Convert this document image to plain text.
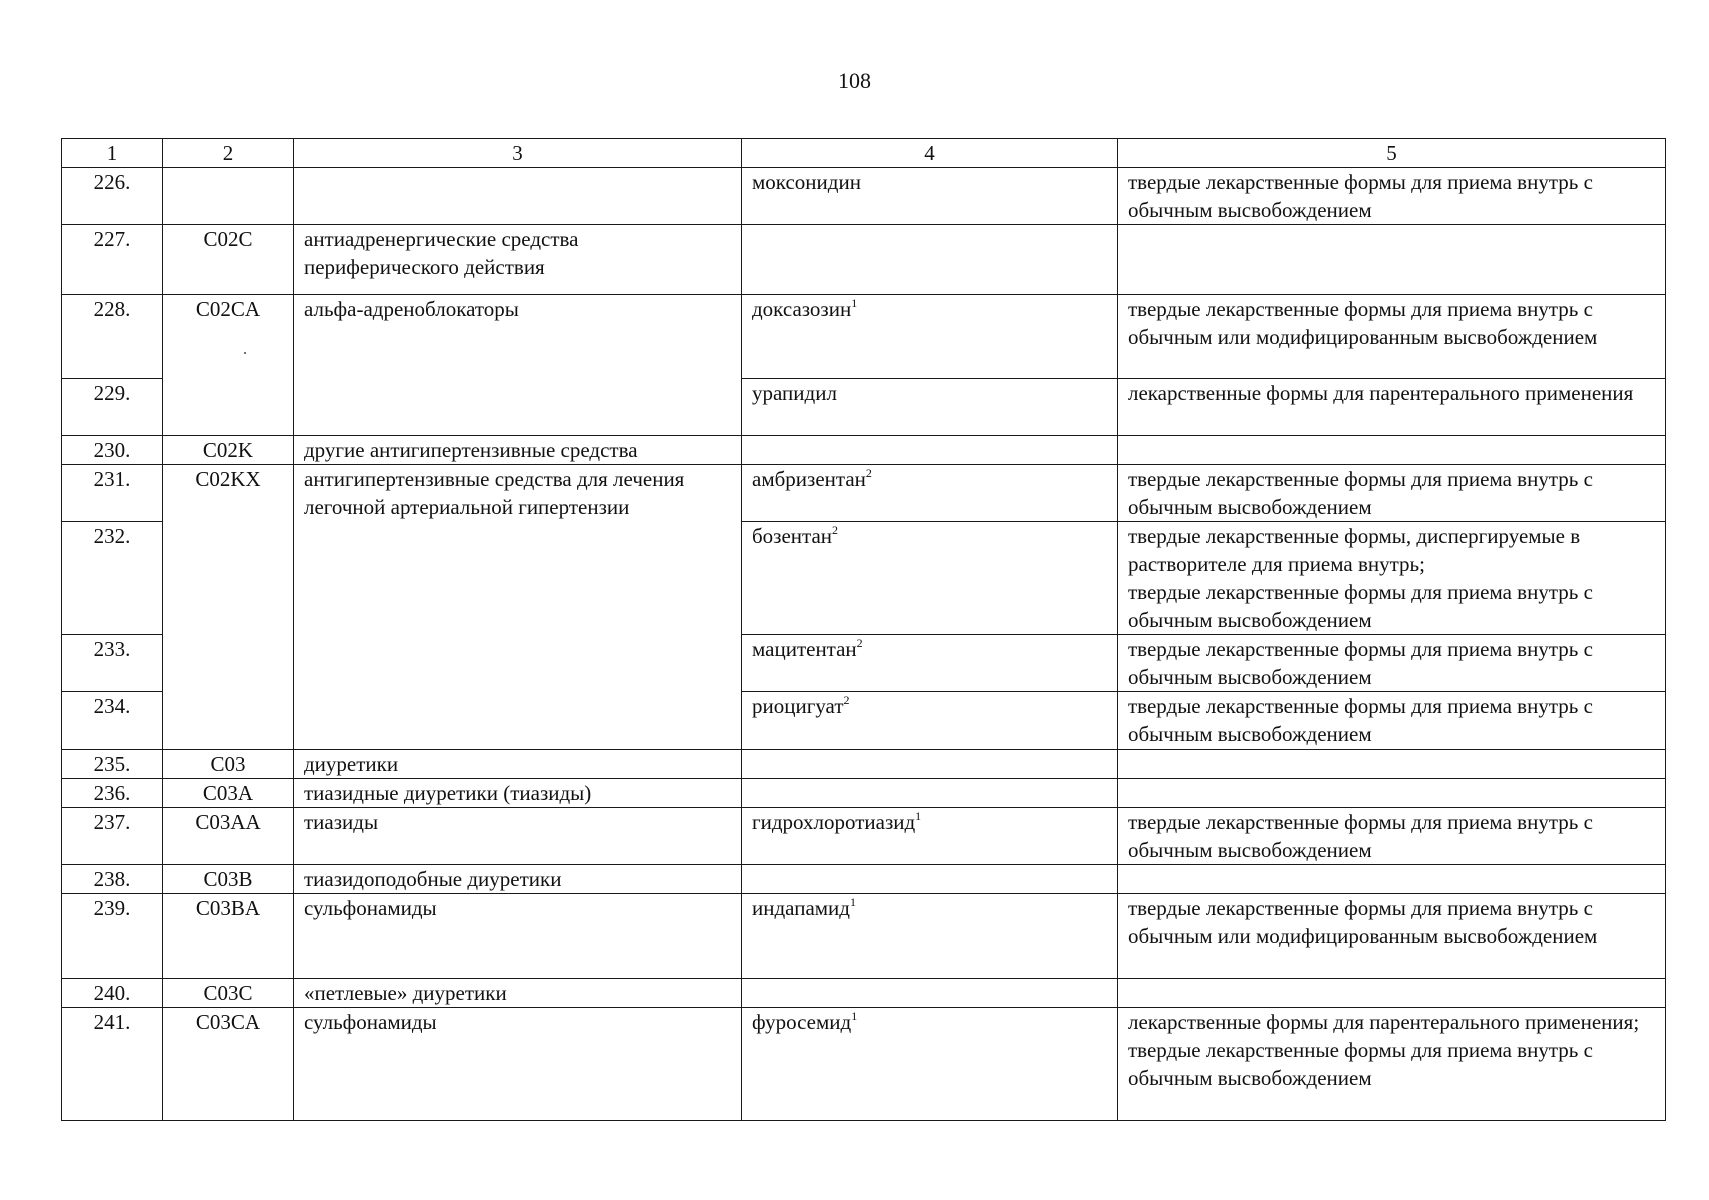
108
1	2	3	4	5
226.			моксонидин	твердые лекарственные формы для приема внутрь с обычным высвобождением
227.	C02C	антиадренергические средства периферического действия		
228.	C02CA	альфа-адреноблокаторы	доксазозин$^1$	твердые лекарственные формы для приема внутрь с обычным или модифицированным высвобождением
229.			урапидил	лекарственные формы для парентерального применения
230.	C02K	другие антигипертензивные средства		
231.	C02KX	антигипертензивные средства для лечения легочной артериальной гипертензии	амбризентан$^2$	твердые лекарственные формы для приема внутрь с обычным высвобождением
232.			бозентан$^2$	твердые лекарственные формы, диспергируемые в растворителе для приема внутрь;
твердые лекарственные формы для приема внутрь с обычным высвобождением

233.			мацитентан$^2$	твердые лекарственные формы для приема внутрь с обычным высвобождением
234.			риоцигуат$^2$	твердые лекарственные формы для приема внутрь с обычным высвобождением
235.	C03	диуретики		
236.	C03A	тиазидные диуретики (тиазиды)		
237.	C03AA	тиазиды	гидрохлоротиазид$^1$	твердые лекарственные формы для приема внутрь с обычным высвобождением
238.	C03B	тиазидоподобные диуретики		
239.	C03BA	сульфонамиды	индапамид$^1$	твердые лекарственные формы для приема внутрь с обычным или модифицированным высвобождением
240.	C03C	«петлевые» диуретики		
241.	C03CA	сульфонамиды	фуросемид$^1$	лекарственные формы для парентерального применения;
твердые лекарственные формы для приема внутрь с обычным высвобождением
